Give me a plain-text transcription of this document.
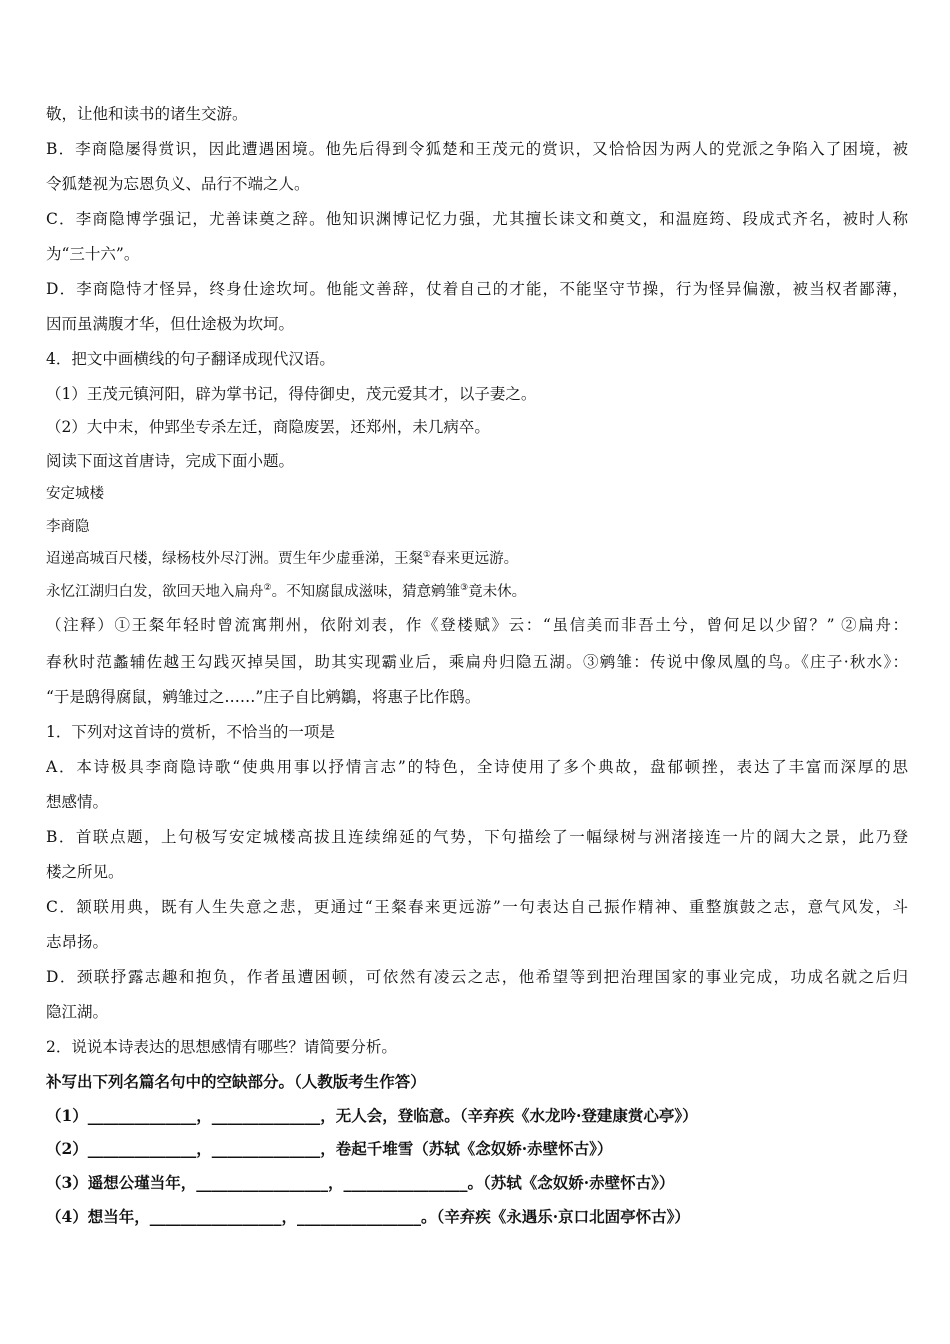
敬，让他和读书的诸生交游。
B．李商隐屡得赏识，因此遭遇困境。他先后得到令狐楚和王茂元的赏识，又恰恰因为两人的党派之争陷入了困境，被
令狐楚视为忘恩负义、品行不端之人。
C．李商隐博学强记，尤善诔奠之辞。他知识渊博记忆力强，尤其擅长诔文和奠文，和温庭筠、段成式齐名，被时人称
为“三十六”。
D．李商隐恃才怪异，终身仕途坎坷。他能文善辞，仗着自己的才能，不能坚守节操，行为怪异偏激，被当权者鄙薄，
因而虽满腹才华，但仕途极为坎坷。
4．把文中画横线的句子翻译成现代汉语。
（1）王茂元镇河阳，辟为掌书记，得侍御史，茂元爱其才，以子妻之。
（2）大中末，仲郢坐专杀左迁，商隐废罢，还郑州，未几病卒。
阅读下面这首唐诗，完成下面小题。
安定城楼
李商隐
迢递高城百尺楼，绿杨枝外尽汀洲。贾生年少虚垂涕，王粲①春来更远游。
永忆江湖归白发，欲回天地入扁舟②。不知腐鼠成滋味，猜意鹓雏③竟未休。
（注释）①王粲年轻时曾流寓荆州，依附刘表，作《登楼赋》云：“虽信美而非吾土兮，曾何足以少留？” ②扁舟：
春秋时范蠡辅佐越王勾践灭掉吴国，助其实现霸业后，乘扁舟归隐五湖。③鹓雏：传说中像凤凰的鸟。《庄子·秋水》：
“于是鸱得腐鼠，鹓雏过之……”庄子自比鹓鶵，将惠子比作鸱。
1．下列对这首诗的赏析，不恰当的一项是
A．本诗极具李商隐诗歌“使典用事以抒情言志”的特色，全诗使用了多个典故，盘郁顿挫，表达了丰富而深厚的思
想感情。
B．首联点题，上句极写安定城楼高拔且连续绵延的气势，下句描绘了一幅绿树与洲渚接连一片的阔大之景，此乃登
楼之所见。
C．颔联用典，既有人生失意之悲，更通过“王粲春来更远游”一句表达自己振作精神、重整旗鼓之志，意气风发，斗
志昂扬。
D．颈联抒露志趣和抱负，作者虽遭困顿，可依然有凌云之志，他希望等到把治理国家的事业完成，功成名就之后归
隐江湖。
2．说说本诗表达的思想感情有哪些？请简要分析。
补写出下列名篇名句中的空缺部分。（人教版考生作答）
（1）______________，______________，无人会，登临意。（辛弃疾《水龙吟·登建康赏心亭》）
（2）______________，______________，卷起千堆雪（苏轼《念奴娇·赤壁怀古》）
（3）遥想公瑾当年，_________________，________________。（苏轼《念奴娇·赤壁怀古》）
（4）想当年，_________________，________________。（辛弃疾《永遇乐·京口北固亭怀古》）
